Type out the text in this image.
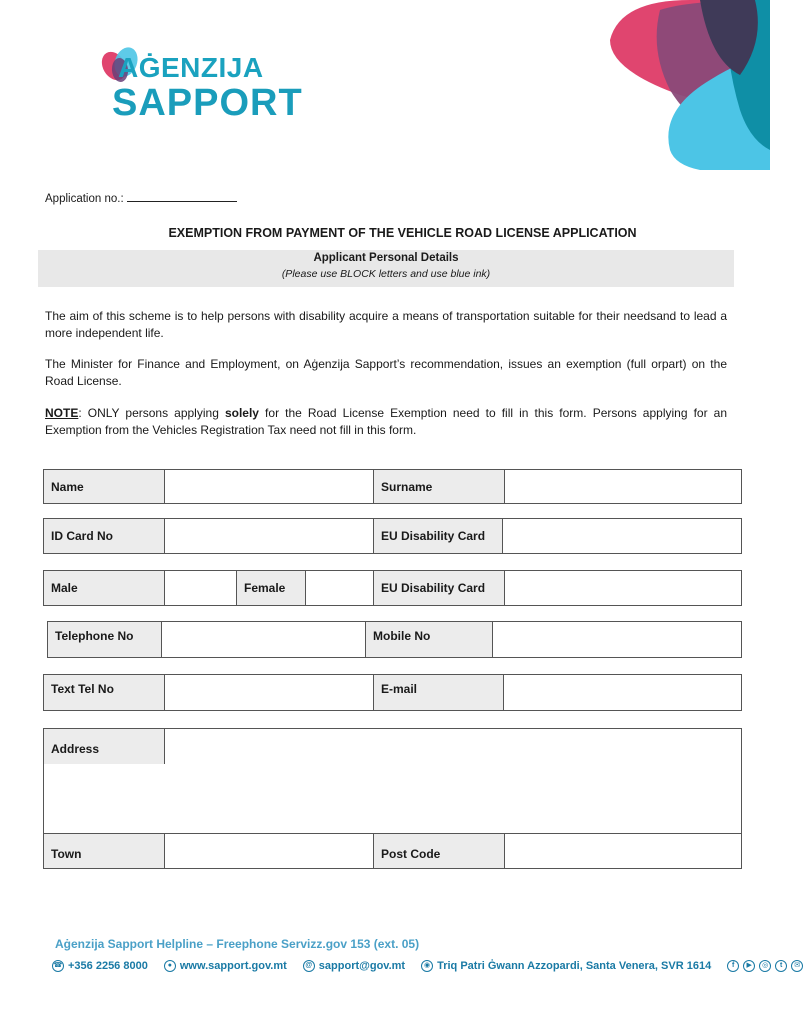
AĠENZIJA
SAPPORT
Application no.:
EXEMPTION FROM PAYMENT OF THE VEHICLE ROAD LICENSE APPLICATION
Applicant Personal Details
(Please use BLOCK letters and use blue ink)
The aim of this scheme is to help persons with disability acquire a means of transportation suitable for their needsand to lead a more independent life.
The Minister for Finance and Employment, on Aġenzija Sapport’s recommendation, issues an exemption (full orpart) on the Road License.
NOTE: ONLY persons applying solely for the Road License Exemption need to fill in this form. Persons applying for an Exemption from the Vehicles Registration Tax need not fill in this form.
Name	Surname
ID Card No	EU Disability Card
Male	Female	EU Disability Card
Telephone No	Mobile No
Text Tel No	E-mail
Address
Town	Post Code
Aġenzija Sapport Helpline – Freephone Servizz.gov 153 (ext. 05)
☎ +356 2256 8000	● www.sapport.gov.mt	@ sapport@gov.mt	◉ Triq Patri Ġwann Azzopardi, Santa Venera, SVR 1614	f	▶	◎	t	✉
